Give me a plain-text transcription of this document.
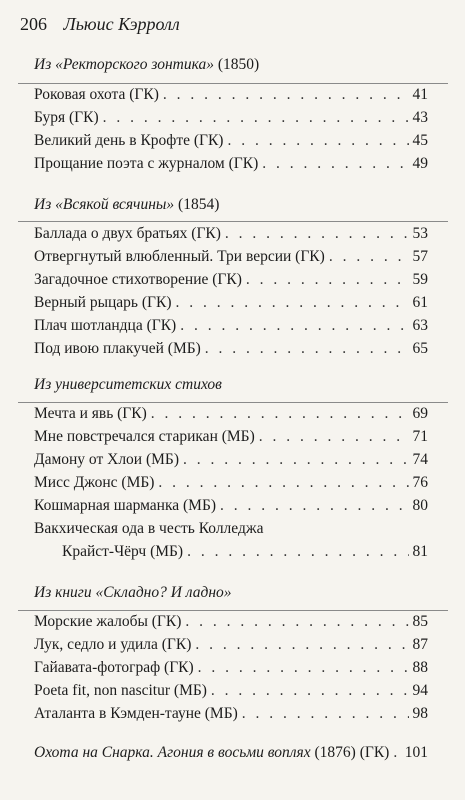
206 Льюис Кэрролл
Из «Ректорского зонтика» (1850)
Роковая охота (ГК) . . .	41
Буря (ГК) . . .	43
Великий день в Крофте (ГК) . . .	45
Прощание поэта с журналом (ГК) . . .	49
Из «Всякой всячины» (1854)
Баллада о двух братьях (ГК) . . .	53
Отвергнутый влюбленный. Три версии (ГК) . . .	57
Загадочное стихотворение (ГК) . . .	59
Верный рыцарь (ГК) . . .	61
Плач шотландца (ГК) . . .	63
Под ивою плакучей (МБ) . . .	65
Из университетских стихов
Мечта и явь (ГК) . . .	69
Мне повстречался старикан (МБ) . . .	71
Дамону от Хлои (МБ) . . .	74
Мисс Джонс (МБ) . . .	76
Кошмарная шарманка (МБ) . . .	80
Вакхическая ода в честь Колледжа
Крайст-Чёрч (МБ) . . .	81
Из книги «Складно? И ладно»
Морские жалобы (ГК) . . .	85
Лук, седло и удила (ГК) . . .	87
Гайавата-фотограф (ГК) . . .	88
Poeta fit, non nascitur (МБ) . . .	94
Аталанта в Кэмден-тауне (МБ) . . .	98
Охота на Снарка. Агония в восьми воплях (1876) (ГК) . . . 101
